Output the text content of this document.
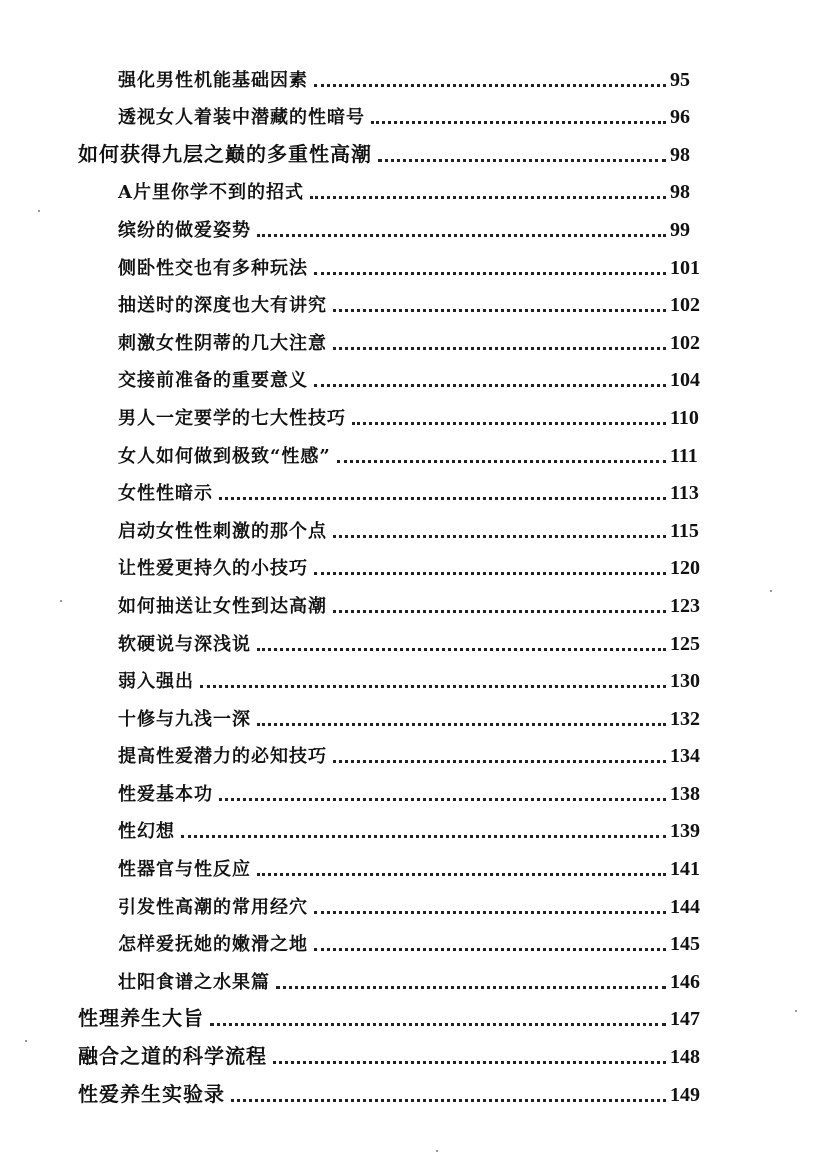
强化男性机能基础因素	95
透视女人着装中潜藏的性暗号	96
如何获得九层之巅的多重性高潮	98
A片里你学不到的招式	98
缤纷的做爱姿势	99
侧卧性交也有多种玩法	101
抽送时的深度也大有讲究	102
刺激女性阴蒂的几大注意	102
交接前准备的重要意义	104
男人一定要学的七大性技巧	110
女人如何做到极致“性感”	111
女性性暗示	113
启动女性性刺激的那个点	115
让性爱更持久的小技巧	120
如何抽送让女性到达高潮	123
软硬说与深浅说	125
弱入强出	130
十修与九浅一深	132
提高性爱潜力的必知技巧	134
性爱基本功	138
性幻想	139
性器官与性反应	141
引发性高潮的常用经穴	144
怎样爱抚她的嫩滑之地	145
壮阳食谱之水果篇	146
性理养生大旨	147
融合之道的科学流程	148
性爱养生实验录	149
